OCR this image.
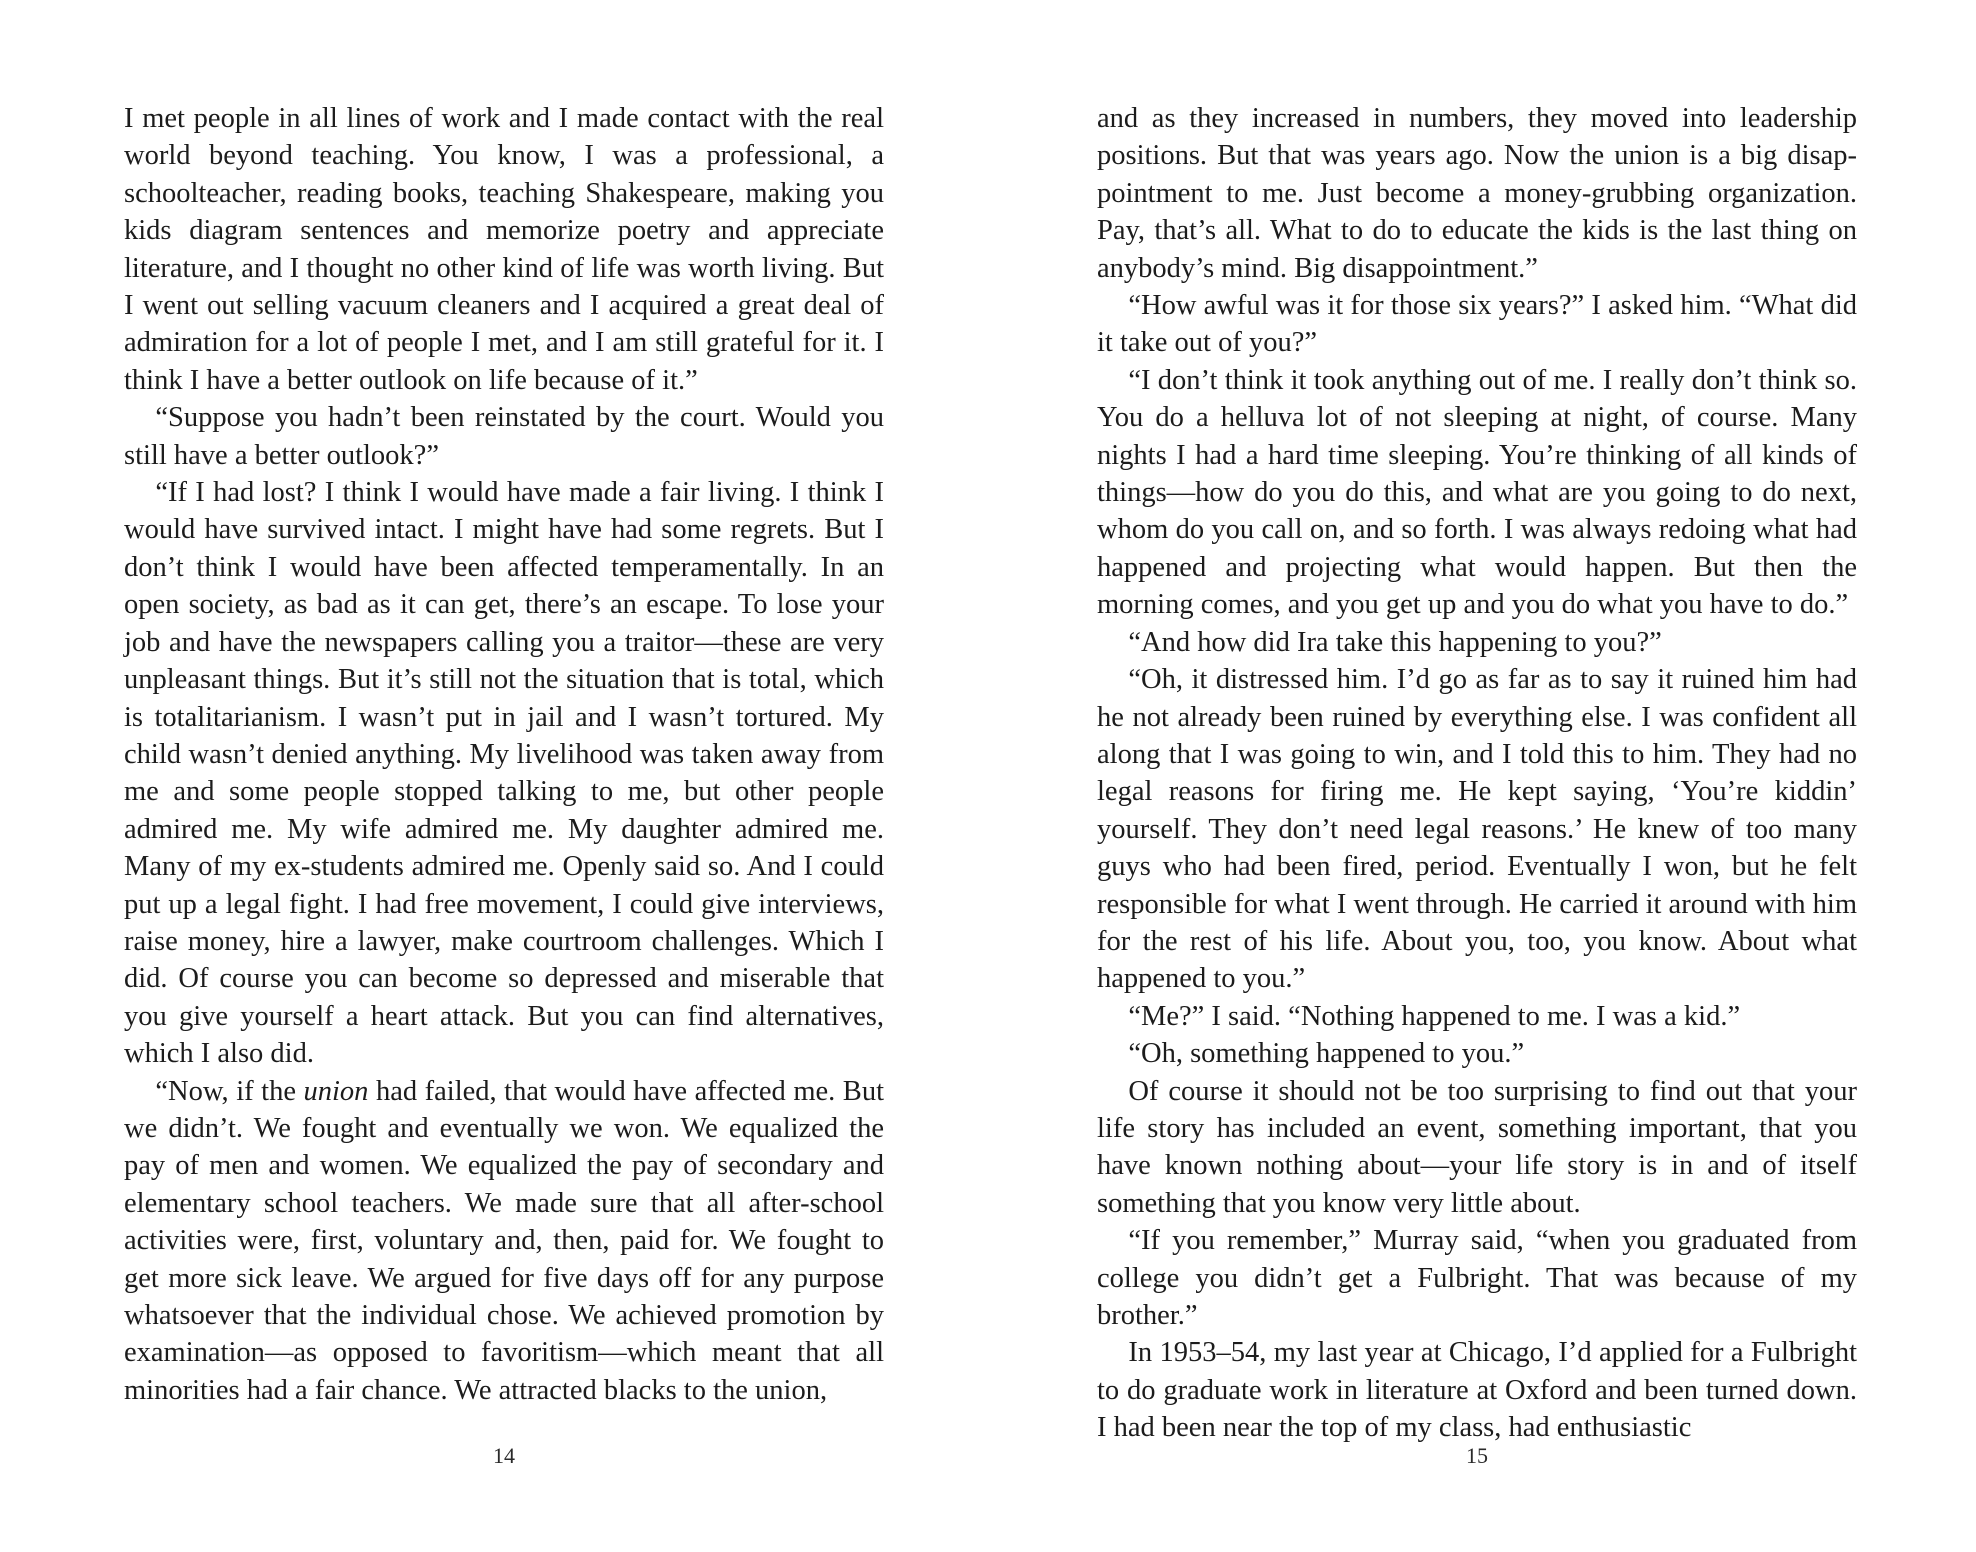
I met people in all lines of work and I made contact with the real world beyond teaching. You know, I was a professional, a schoolteacher, reading books, teaching Shakespeare, making you kids diagram sentences and memorize poetry and appreciate literature, and I thought no other kind of life was worth living. But I went out selling vacuum cleaners and I acquired a great deal of admiration for a lot of people I met, and I am still grateful for it. I think I have a better outlook on life because of it.”

“Suppose you hadn’t been reinstated by the court. Would you still have a better outlook?”

“If I had lost? I think I would have made a fair living. I think I would have survived intact. I might have had some regrets. But I don’t think I would have been affected temperamentally. In an open society, as bad as it can get, there’s an escape. To lose your job and have the newspapers calling you a traitor—these are very unpleasant things. But it’s still not the situation that is total, which is totalitarianism. I wasn’t put in jail and I wasn’t tortured. My child wasn’t denied anything. My livelihood was taken away from me and some people stopped talking to me, but other people admired me. My wife admired me. My daughter admired me. Many of my ex-students admired me. Openly said so. And I could put up a legal fight. I had free movement, I could give interviews, raise money, hire a lawyer, make courtroom challenges. Which I did. Of course you can become so depressed and miserable that you give yourself a heart attack. But you can find alternatives, which I also did.

“Now, if the union had failed, that would have affected me. But we didn’t. We fought and eventually we won. We equalized the pay of men and women. We equalized the pay of secondary and elementary school teachers. We made sure that all after-school activities were, first, voluntary and, then, paid for. We fought to get more sick leave. We argued for five days off for any purpose whatsoever that the individual chose. We achieved promotion by examination—as opposed to favoritism—which meant that all minorities had a fair chance. We attracted blacks to the union,

14

and as they increased in numbers, they moved into leadership positions. But that was years ago. Now the union is a big disappointment to me. Just become a money-grubbing organization. Pay, that’s all. What to do to educate the kids is the last thing on anybody’s mind. Big disappointment.”

“How awful was it for those six years?” I asked him. “What did it take out of you?”

“I don’t think it took anything out of me. I really don’t think so. You do a helluva lot of not sleeping at night, of course. Many nights I had a hard time sleeping. You’re thinking of all kinds of things—how do you do this, and what are you going to do next, whom do you call on, and so forth. I was always redoing what had happened and projecting what would happen. But then the morning comes, and you get up and you do what you have to do.”

“And how did Ira take this happening to you?”

“Oh, it distressed him. I’d go as far as to say it ruined him had he not already been ruined by everything else. I was confident all along that I was going to win, and I told this to him. They had no legal reasons for firing me. He kept saying, ‘You’re kiddin’ yourself. They don’t need legal reasons.’ He knew of too many guys who had been fired, period. Eventually I won, but he felt responsible for what I went through. He carried it around with him for the rest of his life. About you, too, you know. About what happened to you.”

“Me?” I said. “Nothing happened to me. I was a kid.”

“Oh, something happened to you.”

Of course it should not be too surprising to find out that your life story has included an event, something important, that you have known nothing about—your life story is in and of itself something that you know very little about.

“If you remember,” Murray said, “when you graduated from college you didn’t get a Fulbright. That was because of my brother.”

In 1953–54, my last year at Chicago, I’d applied for a Fulbright to do graduate work in literature at Oxford and been turned down. I had been near the top of my class, had enthusiastic

15
